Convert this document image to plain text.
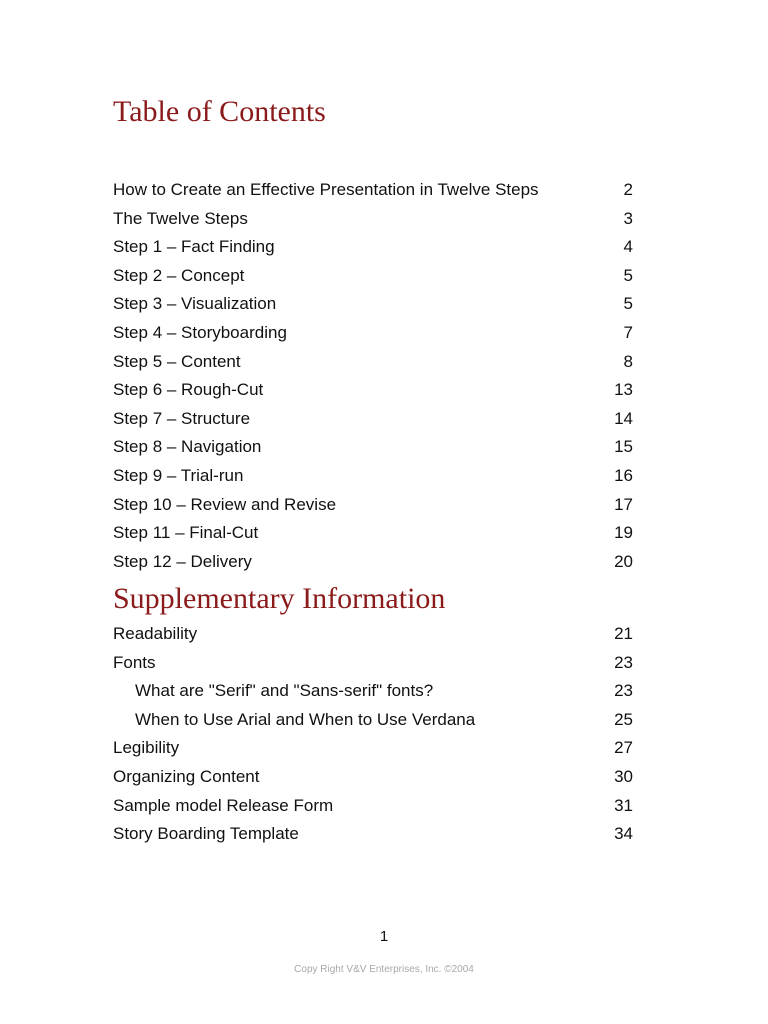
Table of Contents
How to Create an Effective Presentation in Twelve Steps	2
The Twelve Steps	3
Step 1 – Fact Finding	4
Step 2 – Concept	5
Step 3 – Visualization	5
Step 4 – Storyboarding	7
Step 5 – Content	8
Step 6 – Rough-Cut	13
Step 7 – Structure	14
Step 8 – Navigation	15
Step 9 – Trial-run	16
Step 10 – Review and Revise	17
Step 11 – Final-Cut	19
Step 12 – Delivery	20
Supplementary Information
Readability	21
Fonts	23
What are "Serif" and "Sans-serif" fonts?	23
When to Use Arial and When to Use Verdana	25
Legibility	27
Organizing Content	30
Sample model Release Form	31
Story Boarding Template	34
1
Copy Right V&V Enterprises, Inc. ©2004
